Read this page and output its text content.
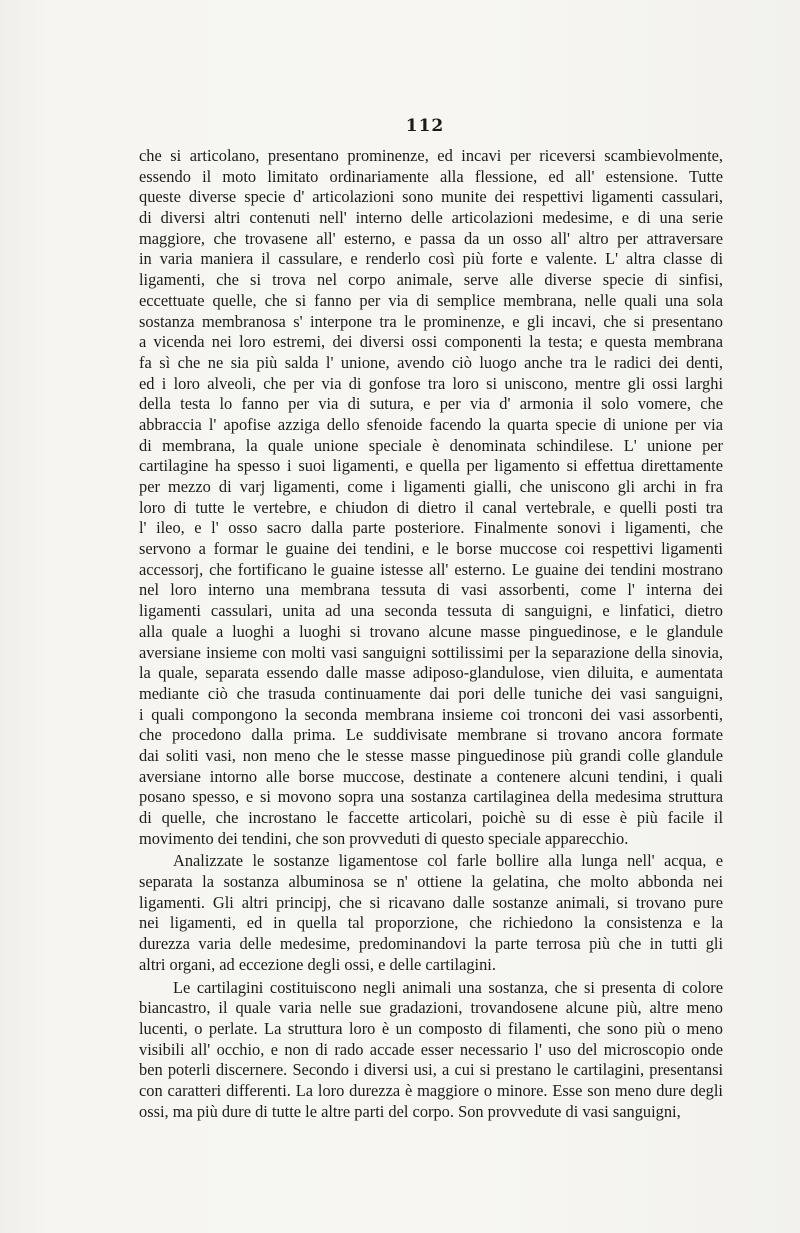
112
che si articolano, presentano prominenze, ed incavi per riceversi scambievolmente,
essendo il moto limitato ordinariamente alla flessione, ed all' estensione. Tutte
queste diverse specie d' articolazioni sono munite dei respettivi ligamenti cassulari,
di diversi altri contenuti nell' interno delle articolazioni medesime, e di una serie
maggiore, che trovasene all' esterno, e passa da un osso all' altro per attraversare
in varia maniera il cassulare, e renderlo così più forte e valente. L' altra classe di
ligamenti, che si trova nel corpo animale, serve alle diverse specie di sinfisi,
eccettuate quelle, che si fanno per via di semplice membrana, nelle quali una sola
sostanza membranosa s' interpone tra le prominenze, e gli incavi, che si presentano
a vicenda nei loro estremi, dei diversi ossi componenti la testa; e questa membrana
fa sì che ne sia più salda l' unione, avendo ciò luogo anche tra le radici dei denti,
ed i loro alveoli, che per via di gonfose tra loro si uniscono, mentre gli ossi larghi
della testa lo fanno per via di sutura, e per via d' armonia il solo vomere, che
abbraccia l' apofise azziga dello sfenoide facendo la quarta specie di unione per via
di membrana, la quale unione speciale è denominata schindilese. L' unione per
cartilagine ha spesso i suoi ligamenti, e quella per ligamento si effettua direttamente
per mezzo di varj ligamenti, come i ligamenti gialli, che uniscono gli archi in fra
loro di tutte le vertebre, e chiudon di dietro il canal vertebrale, e quelli posti tra
l' ileo, e l' osso sacro dalla parte posteriore. Finalmente sonovi i ligamenti, che
servono a formar le guaine dei tendini, e le borse muccose coi respettivi ligamenti
accessorj, che fortificano le guaine istesse all' esterno. Le guaine dei tendini mostrano
nel loro interno una membrana tessuta di vasi assorbenti, come l' interna dei
ligamenti cassulari, unita ad una seconda tessuta di sanguigni, e linfatici, dietro
alla quale a luoghi a luoghi si trovano alcune masse pinguedinose, e le glandule
aversiane insieme con molti vasi sanguigni sottilissimi per la separazione della sinovia,
la quale, separata essendo dalle masse adiposo-glandulose, vien diluita, e aumentata
mediante ciò che trasuda continuamente dai pori delle tuniche dei vasi sanguigni,
i quali compongono la seconda membrana insieme coi tronconi dei vasi assorbenti,
che procedono dalla prima. Le suddivisate membrane si trovano ancora formate
dai soliti vasi, non meno che le stesse masse pinguedinose più grandi colle glandule
aversiane intorno alle borse muccose, destinate a contenere alcuni tendini, i quali
posano spesso, e si movono sopra una sostanza cartilaginea della medesima struttura
di quelle, che incrostano le faccette articolari, poichè su di esse è più facile il
movimento dei tendini, che son provveduti di questo speciale apparecchio.
Analizzate le sostanze ligamentose col farle bollire alla lunga nell' acqua, e
separata la sostanza albuminosa se n' ottiene la gelatina, che molto abbonda nei
ligamenti. Gli altri principj, che si ricavano dalle sostanze animali, si trovano pure
nei ligamenti, ed in quella tal proporzione, che richiedono la consistenza e la
durezza varia delle medesime, predominandovi la parte terrosa più che in tutti gli
altri organi, ad eccezione degli ossi, e delle cartilagini.
Le cartilagini costituiscono negli animali una sostanza, che si presenta di colore
biancastro, il quale varia nelle sue gradazioni, trovandosene alcune più, altre meno
lucenti, o perlate. La struttura loro è un composto di filamenti, che sono più o meno
visibili all' occhio, e non di rado accade esser necessario l' uso del microscopio onde
ben poterli discernere. Secondo i diversi usi, a cui si prestano le cartilagini, presentansi
con caratteri differenti. La loro durezza è maggiore o minore. Esse son meno dure degli
ossi, ma più dure di tutte le altre parti del corpo. Son provvedute di vasi sanguigni,
